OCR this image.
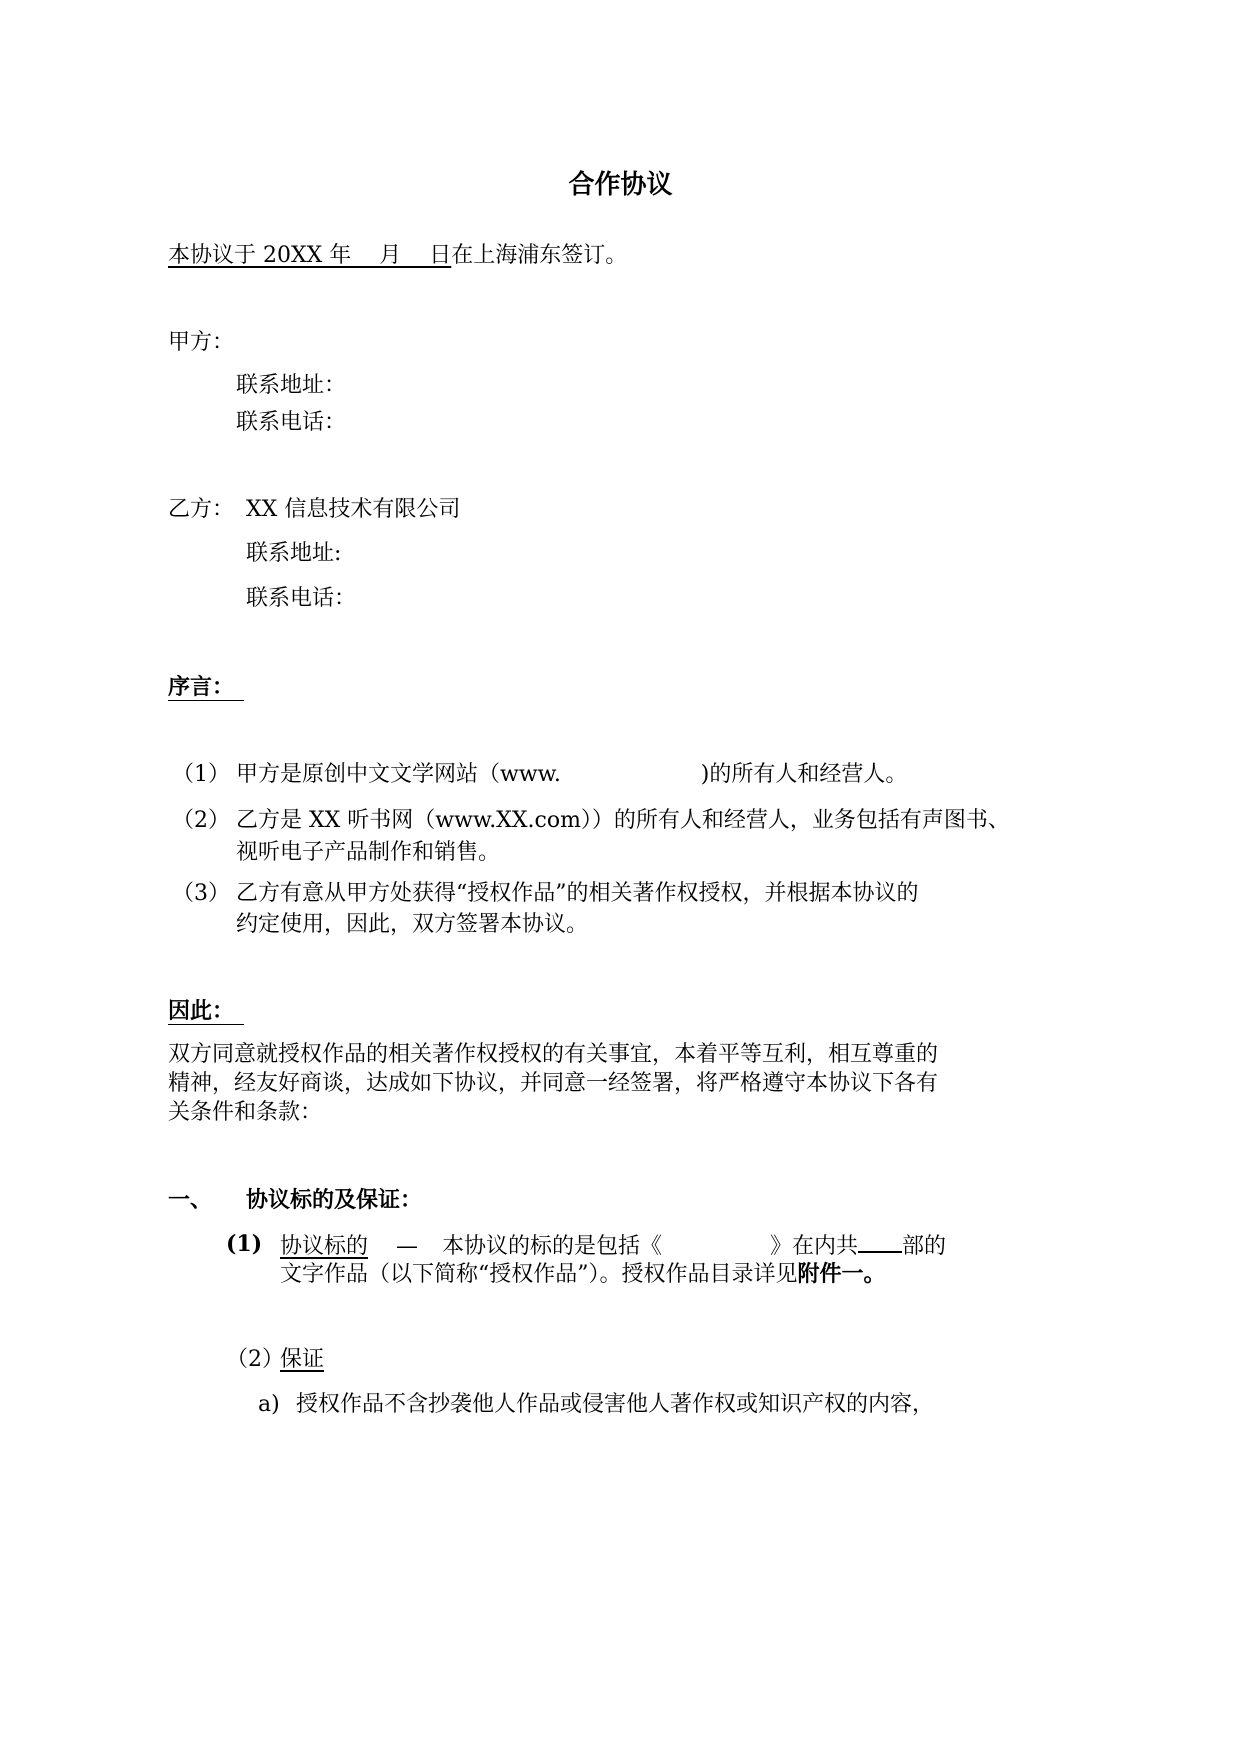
合作协议
本协议于 20XX 年    月    日在上海浦东签订。
甲方：
联系地址：
联系电话：
乙方： XX 信息技术有限公司
联系地址:
联系电话：
序言：
（1） 甲方是原创中文文学网站（www.                    )的所有人和经营人。
（2） 乙方是 XX 听书网（www.XX.com））的所有人和经营人，业务包括有声图书、
视听电子产品制作和销售。
（3） 乙方有意从甲方处获得“授权作品”的相关著作权授权，并根据本协议的
约定使用，因此，双方签署本协议。
因此：
双方同意就授权作品的相关著作权授权的有关事宜，本着平等互利，相互尊重的
精神，经友好商谈，达成如下协议，并同意一经签署，将严格遵守本协议下各有
关条件和条款：
一、 协议标的及保证：
(1) 协议标的 — 本协议的标的是包括《	》在内共 部的
文字作品（以下简称“授权作品”）。授权作品目录详见附件一。
（2）
保证
a) 授权作品不含抄袭他人作品或侵害他人著作权或知识产权的内容，
